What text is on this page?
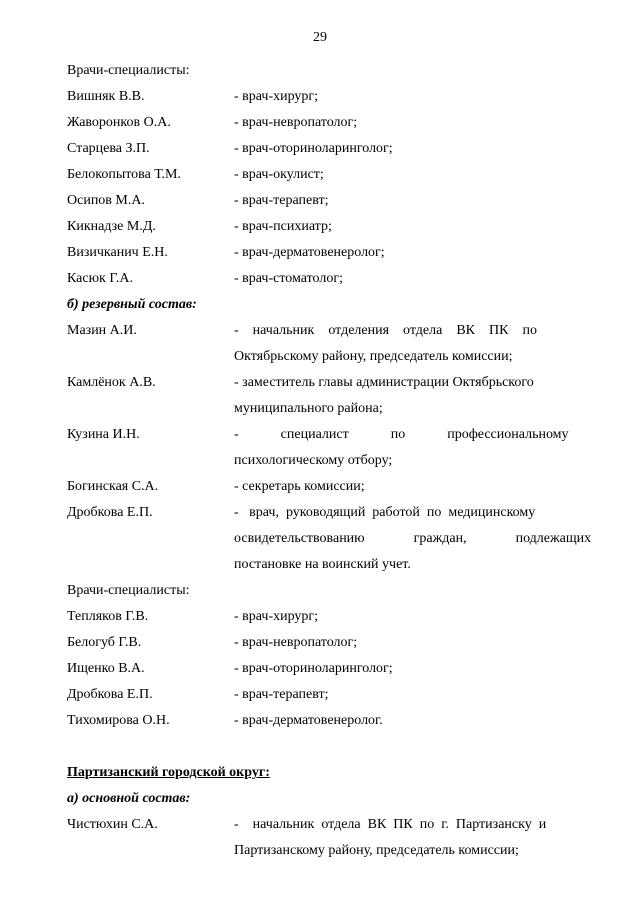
29
Врачи-специалисты:
Вишняк В.В.	- врач-хирург;
Жаворонков О.А.	- врач-невропатолог;
Старцева З.П.	- врач-оториноларинголог;
Белокопытова Т.М.	- врач-окулист;
Осипов М.А.	- врач-терапевт;
Кикнадзе М.Д.	- врач-психиатр;
Визичканич Е.Н.	- врач-дерматовенеролог;
Касюк Г.А.	- врач-стоматолог;
б) резервный состав:
Мазин А.И.	-    начальник    отделения    отдела    ВК    ПК    по
Октябрьскому району, председатель комиссии;
Камлёнок А.В.	- заместитель главы администрации Октябрьского
муниципального района;
Кузина И.Н.	-            специалист            по            профессиональному
психологическому отбору;
Богинская С.А.	- секретарь комиссии;
Дробкова Е.П.	-   врач,  руководящий  работой  по  медицинскому
освидетельствованию              граждан,              подлежащих
постановке на воинский учет.
Врачи-специалисты:
Тепляков Г.В.	- врач-хирург;
Белогуб Г.В.	- врач-невропатолог;
Ищенко В.А.	- врач-оториноларинголог;
Дробкова Е.П.	- врач-терапевт;
Тихомирова О.Н.	- врач-дерматовенеролог.
Партизанский городской округ:
а) основной состав:
Чистюхин С.А.	-    начальник  отдела  ВК  ПК  по  г.  Партизанску  и
Партизанскому району, председатель комиссии;
